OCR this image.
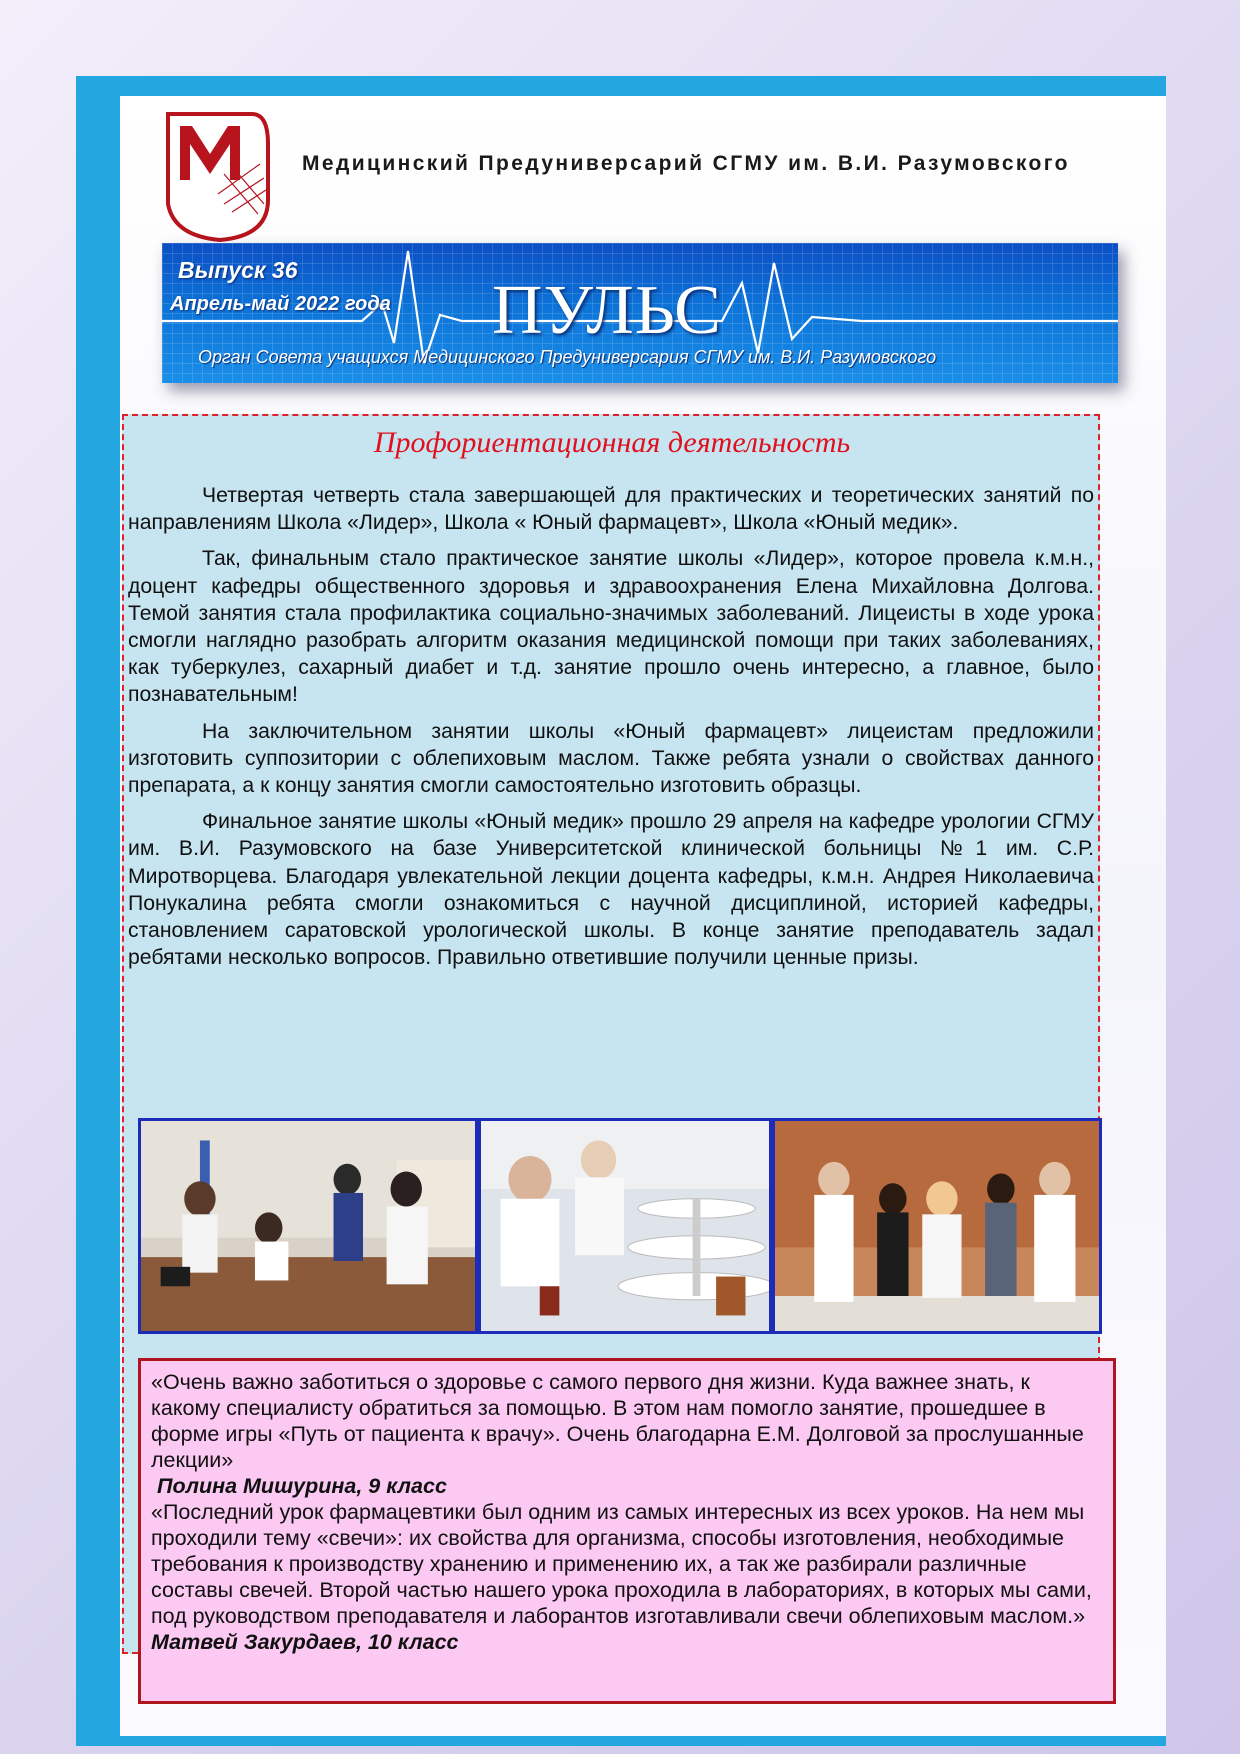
Медицинский Предуниверсарий СГМУ им. В.И. Разумовского
Выпуск 36
Апрель-май 2022 года ПУЛЬС
Орган Совета учащихся Медицинского Предуниверсария СГМУ им. В.И. Разумовского
Профориентационная деятельность

Четвертая четверть стала завершающей для практических и теоретических занятий по направлениям Школа «Лидер», Школа « Юный фармацевт», Школа «Юный медик».

Так, финальным стало практическое занятие школы «Лидер», которое провела к.м.н., доцент кафедры общественного здоровья и здравоохранения Елена Михайловна Долгова. Темой занятия стала профилактика социально-значимых заболеваний. Лицеисты в ходе урока смогли наглядно разобрать алгоритм оказания медицинской помощи при таких заболеваниях, как туберкулез, сахарный диабет и т.д. занятие прошло очень интересно, а главное, было познавательным!

На заключительном занятии школы «Юный фармацевт» лицеистам предложили изготовить суппозитории с облепиховым маслом. Также ребята узнали о свойствах данного препарата, а к концу занятия смогли самостоятельно изготовить образцы.

Финальное занятие школы «Юный медик» прошло 29 апреля на кафедре урологии СГМУ им. В.И. Разумовского на базе Университетской клинической больницы №1 им. С.Р. Миротворцева. Благодаря увлекательной лекции доцента кафедры, к.м.н. Андрея Николаевича Понукалина ребята смогли ознакомиться с научной дисциплиной, историей кафедры, становлением саратовской урологической школы. В конце занятие преподаватель задал ребятами несколько вопросов. Правильно ответившие получили ценные призы.

«Очень важно заботиться о здоровье с самого первого дня жизни. Куда важнее знать, к какому специалисту обратиться за помощью. В этом нам помогло занятие, прошедшее в форме игры «Путь от пациента к врачу». Очень благодарна Е.М. Долговой за прослушанные лекции»

Полина Мишурина, 9 класс

«Последний урок фармацевтики был одним из самых интересных из всех уроков. На нем мы проходили тему «свечи»: их свойства для организма, способы изготовления, необходимые требования к производству хранению и применению их, а так же разбирали различные составы свечей. Второй частью нашего урока проходила в лабораториях, в которых мы сами, под руководством преподавателя и лаборантов изготавливали свечи облепиховым маслом.»

Матвей Закурдаев, 10 класс
